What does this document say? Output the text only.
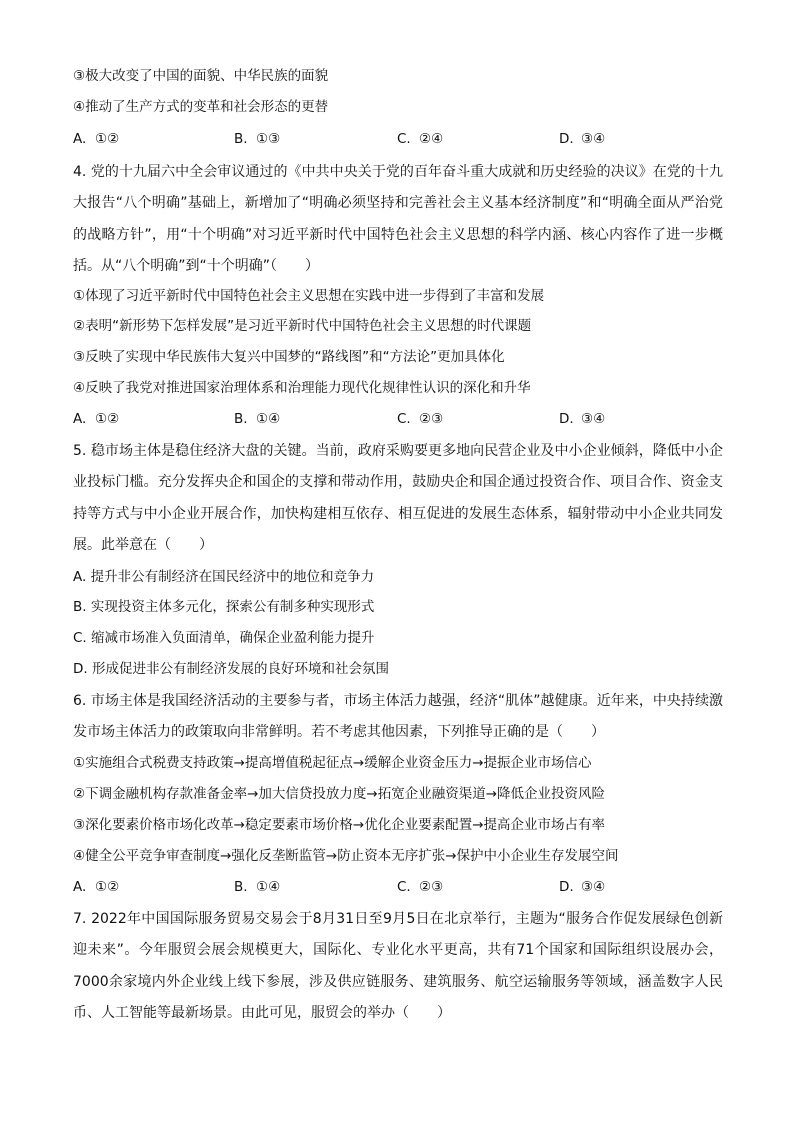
③极大改变了中国的面貌、中华民族的面貌
④推动了生产方式的变革和社会形态的更替
A. ①②	B. ①③	C. ②④	D. ③④
4. 党的十九届六中全会审议通过的《中共中央关于党的百年奋斗重大成就和历史经验的决议》在党的十九大报告“八个明确”基础上，新增加了“明确必须坚持和完善社会主义基本经济制度”和“明确全面从严治党的战略方针”，用“十个明确”对习近平新时代中国特色社会主义思想的科学内涵、核心内容作了进一步概括。从“八个明确”到“十个明确”（　　）
①体现了习近平新时代中国特色社会主义思想在实践中进一步得到了丰富和发展
②表明“新形势下怎样发展”是习近平新时代中国特色社会主义思想的时代课题
③反映了实现中华民族伟大复兴中国梦的“路线图”和“方法论”更加具体化
④反映了我党对推进国家治理体系和治理能力现代化规律性认识的深化和升华
A. ①②	B. ①④	C. ②③	D. ③④
5. 稳市场主体是稳住经济大盘的关键。当前，政府采购要更多地向民营企业及中小企业倾斜，降低中小企业投标门槛。充分发挥央企和国企的支撑和带动作用，鼓励央企和国企通过投资合作、项目合作、资金支持等方式与中小企业开展合作，加快构建相互依存、相互促进的发展生态体系，辐射带动中小企业共同发展。此举意在（　　）
A. 提升非公有制经济在国民经济中的地位和竞争力
B. 实现投资主体多元化，探索公有制多种实现形式
C. 缩减市场准入负面清单，确保企业盈利能力提升
D. 形成促进非公有制经济发展的良好环境和社会氛围
6. 市场主体是我国经济活动的主要参与者，市场主体活力越强，经济“肌体”越健康。近年来，中央持续激发市场主体活力的政策取向非常鲜明。若不考虑其他因素，下列推导正确的是（　　）
①实施组合式税费支持政策→提高增值税起征点→缓解企业资金压力→提振企业市场信心
②下调金融机构存款准备金率→加大信贷投放力度→拓宽企业融资渠道→降低企业投资风险
③深化要素价格市场化改革→稳定要素市场价格→优化企业要素配置→提高企业市场占有率
④健全公平竞争审查制度→强化反垄断监管→防止资本无序扩张→保护中小企业生存发展空间
A. ①②	B. ①④	C. ②③	D. ③④
7. 2022年中国国际服务贸易交易会于8月31日至9月5日在北京举行，主题为“服务合作促发展绿色创新迎未来”。今年服贸会展会规模更大，国际化、专业化水平更高，共有71个国家和国际组织设展办会，7000余家境内外企业线上线下参展，涉及供应链服务、建筑服务、航空运输服务等领域，涵盖数字人民币、人工智能等最新场景。由此可见，服贸会的举办（　　）
